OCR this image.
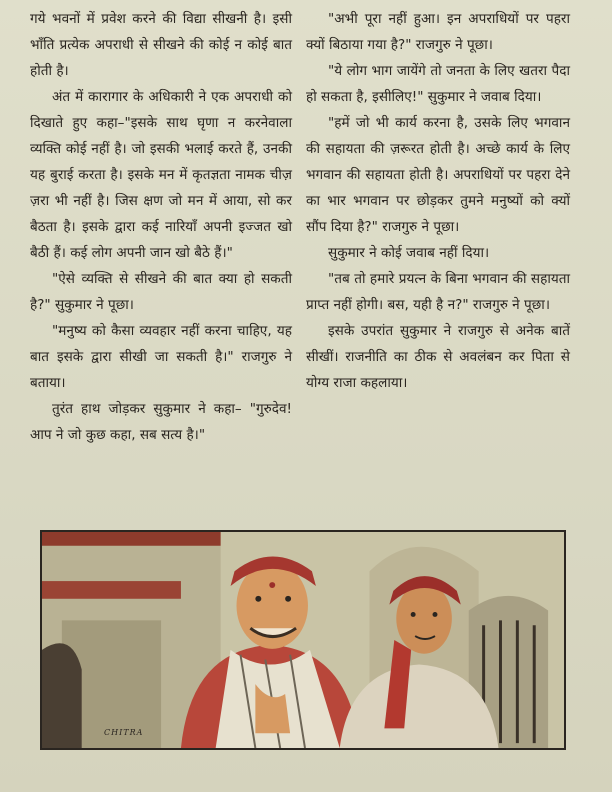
गये भवनों में प्रवेश करने की विद्या सीखनी है। इसी भाँति प्रत्येक अपराधी से सीखने की कोई न कोई बात होती है।

अंत में कारागार के अधिकारी ने एक अपराधी को दिखाते हुए कहा–"इसके साथ घृणा न करनेवाला व्यक्ति कोई नहीं है। जो इसकी भलाई करते हैं, उनकी यह बुराई करता है। इसके मन में कृतज्ञता नामक चीज़ ज़रा भी नहीं है। जिस क्षण जो मन में आया, सो कर बैठता है। इसके द्वारा कई नारियाँ अपनी इज्जत खो बैठी हैं। कई लोग अपनी जान खो बैठे हैं।"

"ऐसे व्यक्ति से सीखने की बात क्या हो सकती है?" सुकुमार ने पूछा।

"मनुष्य को कैसा व्यवहार नहीं करना चाहिए, यह बात इसके द्वारा सीखी जा सकती है।" राजगुरु ने बताया।

तुरंत हाथ जोड़कर सुकुमार ने कहा– "गुरुदेव! आप ने जो कुछ कहा, सब सत्य है।"

"अभी पूरा नहीं हुआ। इन अपराधियों पर पहरा क्यों बिठाया गया है?" राजगुरु ने पूछा।

"ये लोग भाग जायेंगे तो जनता के लिए खतरा पैदा हो सकता है, इसीलिए!" सुकुमार ने जवाब दिया।

"हमें जो भी कार्य करना है, उसके लिए भगवान की सहायता की ज़रूरत होती है। अच्छे कार्य के लिए भगवान की सहायता होती है। अपराधियों पर पहरा देने का भार भगवान पर छोड़कर तुमने मनुष्यों को क्यों सौंप दिया है?" राजगुरु ने पूछा।

सुकुमार ने कोई जवाब नहीं दिया।

"तब तो हमारे प्रयत्न के बिना भगवान की सहायता प्राप्त नहीं होगी। बस, यही है न?" राजगुरु ने पूछा।

इसके उपरांत सुकुमार ने राजगुरु से अनेक बातें सीखीं। राजनीति का ठीक से अवलंबन कर पिता से योग्य राजा कहलाया।

CHITRA
